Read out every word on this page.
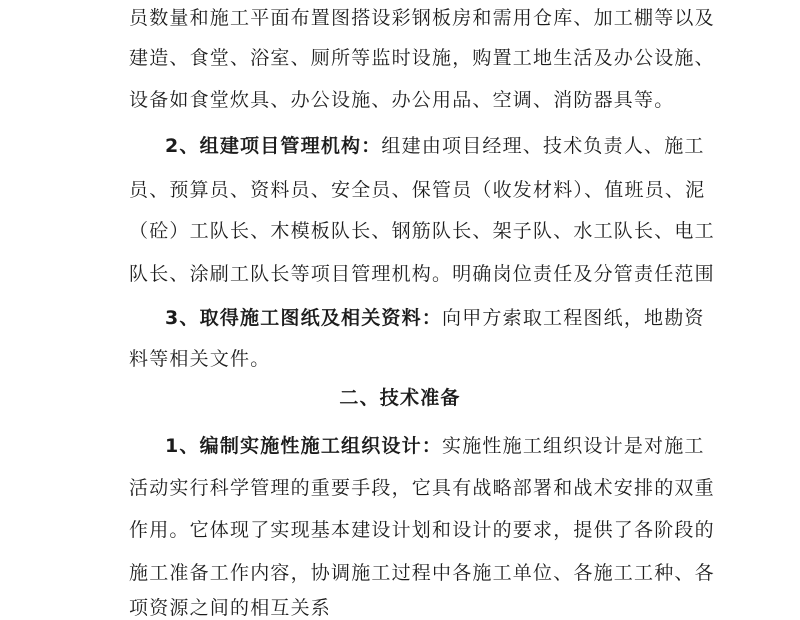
员数量和施工平面布置图搭设彩钢板房和需用仓库、加工棚等以及
建造、食堂、浴室、厕所等监时设施，购置工地生活及办公设施、
设备如食堂炊具、办公设施、办公用品、空调、消防器具等。
2、组建项目管理机构：组建由项目经理、技术负责人、施工
员、预算员、资料员、安全员、保管员（收发材料）、值班员、泥
（砼）工队长、木模板队长、钢筋队长、架子队、水工队长、电工
队长、涂刷工队长等项目管理机构。明确岗位责任及分管责任范围
3、取得施工图纸及相关资料：向甲方索取工程图纸，地勘资
料等相关文件。
二、技术准备
1、编制实施性施工组织设计：实施性施工组织设计是对施工
活动实行科学管理的重要手段，它具有战略部署和战术安排的双重
作用。它体现了实现基本建设计划和设计的要求，提供了各阶段的
施工准备工作内容，协调施工过程中各施工单位、各施工工种、各
项资源之间的相互关系
